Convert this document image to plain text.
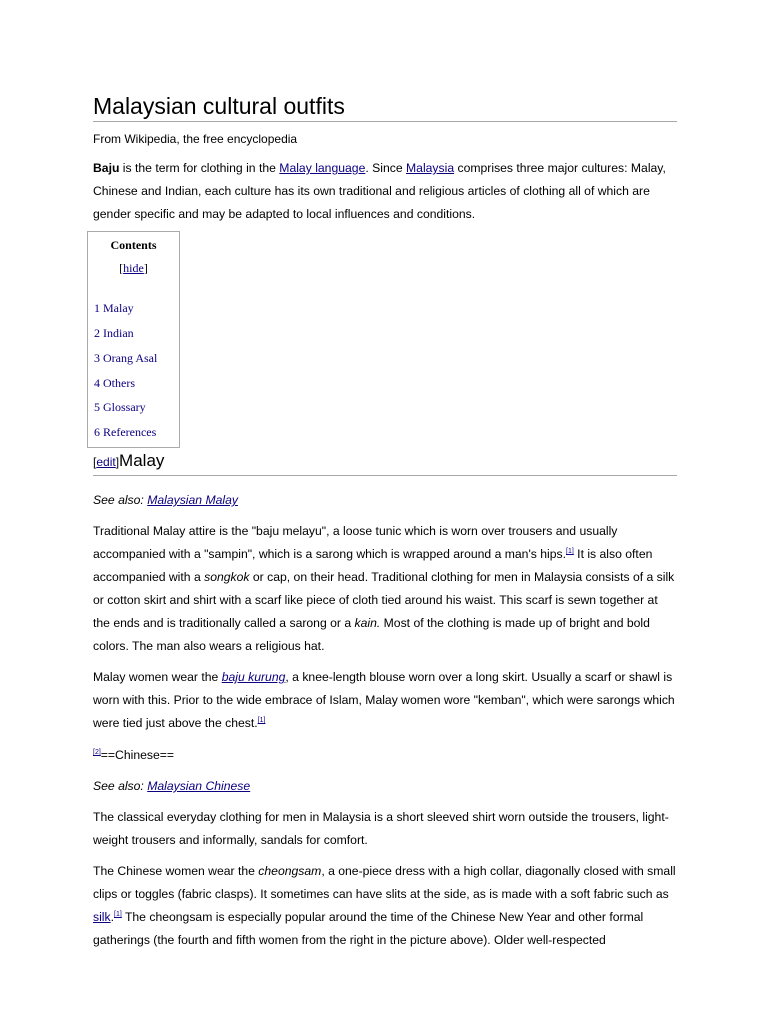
Malaysian cultural outfits
From Wikipedia, the free encyclopedia

Baju is the term for clothing in the Malay language. Since Malaysia comprises three major cultures: Malay, Chinese and Indian, each culture has its own traditional and religious articles of clothing all of which are gender specific and may be adapted to local influences and conditions.

Contents
[hide]
1 Malay
2 Indian
3 Orang Asal
4 Others
5 Glossary
6 References
[edit]Malay

See also: Malaysian Malay

Traditional Malay attire is the "baju melayu", a loose tunic which is worn over trousers and usually accompanied with a "sampin", which is a sarong which is wrapped around a man's hips.[1] It is also often accompanied with a songkok or cap, on their head. Traditional clothing for men in Malaysia consists of a silk or cotton skirt and shirt with a scarf like piece of cloth tied around his waist. This scarf is sewn together at the ends and is traditionally called a sarong or a kain. Most of the clothing is made up of bright and bold colors. The man also wears a religious hat.

Malay women wear the baju kurung, a knee-length blouse worn over a long skirt. Usually a scarf or shawl is worn with this. Prior to the wide embrace of Islam, Malay women wore "kemban", which were sarongs which were tied just above the chest.[1]

[2]==Chinese==

See also: Malaysian Chinese

The classical everyday clothing for men in Malaysia is a short sleeved shirt worn outside the trousers, light-weight trousers and informally, sandals for comfort.

The Chinese women wear the cheongsam, a one-piece dress with a high collar, diagonally closed with small clips or toggles (fabric clasps). It sometimes can have slits at the side, as is made with a soft fabric such as silk.[1] The cheongsam is especially popular around the time of the Chinese New Year and other formal gatherings (the fourth and fifth women from the right in the picture above). Older well-respected
